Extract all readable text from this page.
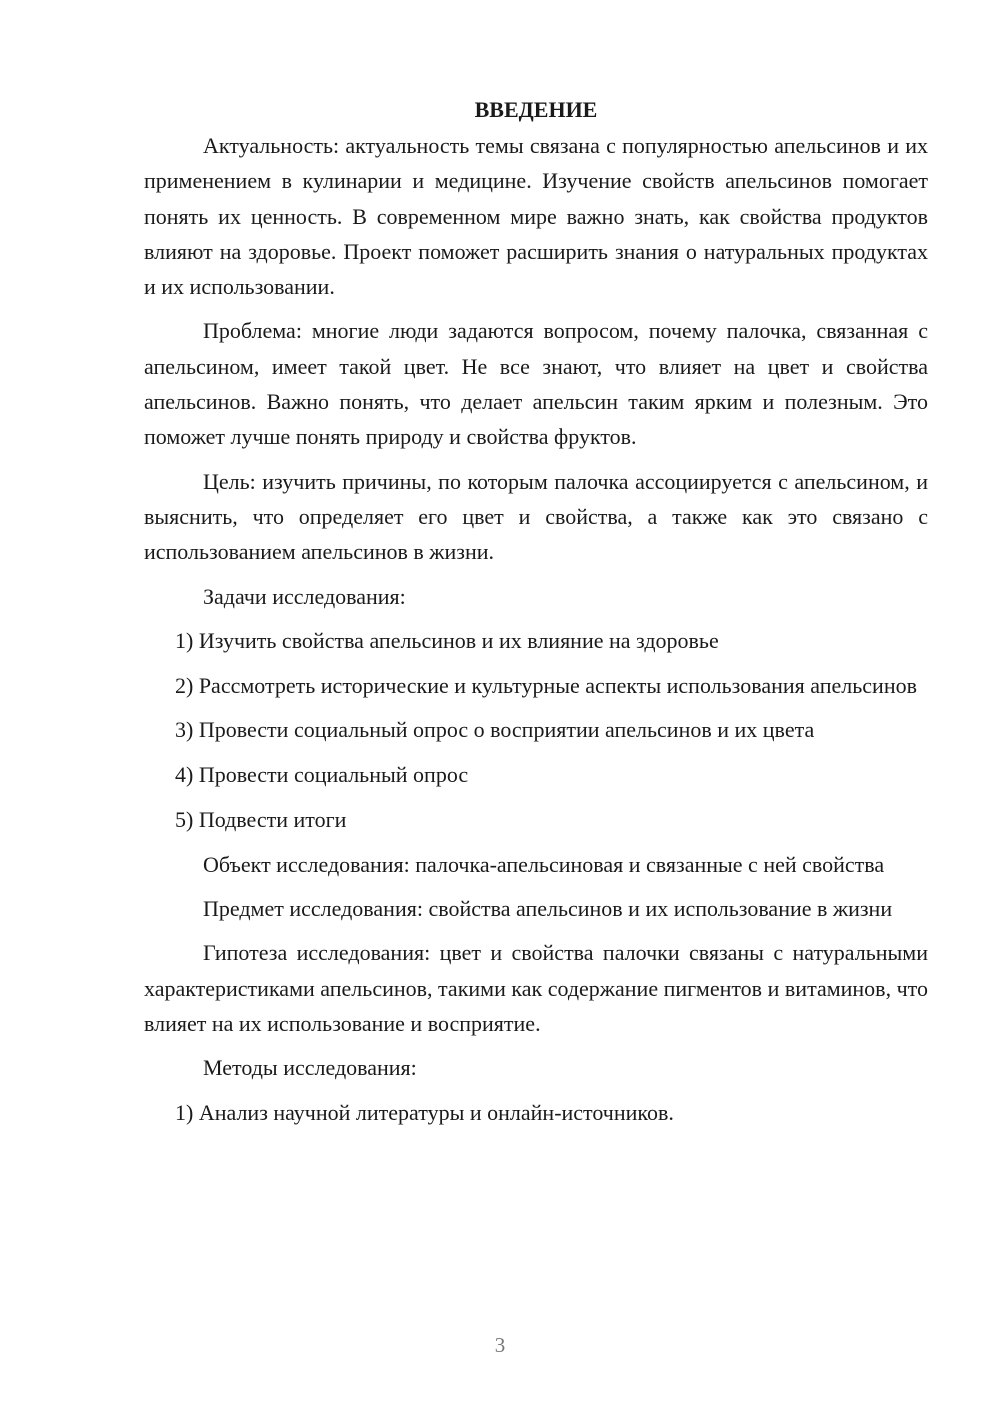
ВВЕДЕНИЕ

Актуальность: актуальность темы связана с популярностью апельсинов и их применением в кулинарии и медицине. Изучение свойств апельсинов помогает понять их ценность. В современном мире важно знать, как свойства продуктов влияют на здоровье. Проект поможет расширить знания о натуральных продуктах и их использовании.

Проблема: многие люди задаются вопросом, почему палочка, связанная с апельсином, имеет такой цвет. Не все знают, что влияет на цвет и свойства апельсинов. Важно понять, что делает апельсин таким ярким и полезным. Это поможет лучше понять природу и свойства фруктов.

Цель: изучить причины, по которым палочка ассоциируется с апельсином, и выяснить, что определяет его цвет и свойства, а также как это связано с использованием апельсинов в жизни.

Задачи исследования:

1) Изучить свойства апельсинов и их влияние на здоровье

2) Рассмотреть исторические и культурные аспекты использования апельсинов

3) Провести социальный опрос о восприятии апельсинов и их цвета

4) Провести социальный опрос

5) Подвести итоги

Объект исследования: палочка-апельсиновая и связанные с ней свойства

Предмет исследования: свойства апельсинов и их использование в жизни

Гипотеза исследования: цвет и свойства палочки связаны с натуральными характеристиками апельсинов, такими как содержание пигментов и витаминов, что влияет на их использование и восприятие.

Методы исследования:

1) Анализ научной литературы и онлайн-источников.

3
